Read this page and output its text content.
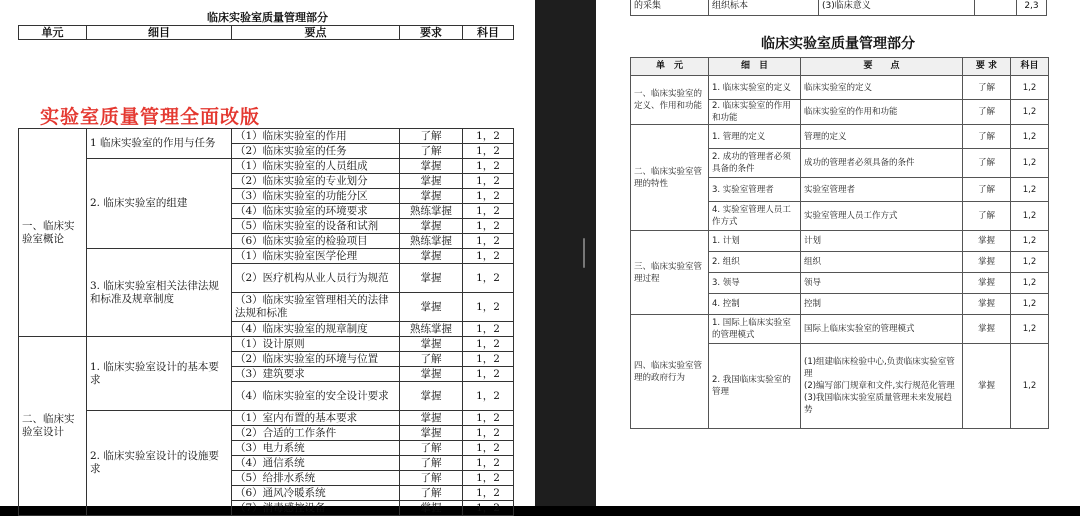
临床实验室质量管理部分
单元	细目	要点	要求	科目
实验室质量管理全面改版
一、临床实验室概论	1 临床实验室的作用与任务	（1）临床实验室的作用	了解	1，2
		（2）临床实验室的任务	了解	1，2
	2. 临床实验室的组建	（1）临床实验室的人员组成	掌握	1，2
		（2）临床实验室的专业划分	掌握	1，2
		（3）临床实验室的功能分区	掌握	1，2
		（4）临床实验室的环境要求	熟练掌握	1，2
		（5）临床实验室的设备和试剂	掌握	1，2
		（6）临床实验室的检验项目	熟练掌握	1，2
	3. 临床实验室相关法律法规和标准及规章制度	（1）临床实验室医学伦理	掌握	1，2
		（2）医疗机构从业人员行为规范	掌握	1，2
		（3）临床实验室管理相关的法律法规和标准	掌握	1，2
		（4）临床实验室的规章制度	熟练掌握	1，2
二、临床实验室设计	1. 临床实验室设计的基本要求	（1）设计原则	掌握	1，2
		（2）临床实验室的环境与位置	了解	1，2
		（3）建筑要求	掌握	1，2
		（4）临床实验室的安全设计要求	掌握	1，2
	2. 临床实验室设计的设施要求	（1）室内布置的基本要求	掌握	1，2
		（2）合适的工作条件	掌握	1，2
		（3）电力系统	了解	1，2
		（4）通信系统	了解	1，2
		（5）给排水系统	了解	1，2
		（6）通风冷暖系统	了解	1，2
		（7）消毒感控设备	掌握	1，2
的采集	组织标本	(3)临床意义		2,3
临床实验室质量管理部分
单　元	细　目	要　　点	要 求	科目
一、临床实验室的定义、作用和功能	1. 临床实验室的定义	临床实验室的定义	了解	1,2
	2. 临床实验室的作用和功能	临床实验室的作用和功能	了解	1,2
二、临床实验室管理的特性	1. 管理的定义	管理的定义	了解	1,2
	2. 成功的管理者必须具备的条件	成功的管理者必须具备的条件	了解	1,2
	3. 实验室管理者	实验室管理者	了解	1,2
	4. 实验室管理人员工作方式	实验室管理人员工作方式	了解	1,2
三、临床实验室管理过程	1. 计划	计划	掌握	1,2
	2. 组织	组织	掌握	1,2
	3. 领导	领导	掌握	1,2
	4. 控制	控制	掌握	1,2
四、临床实验室管理的政府行为	1. 国际上临床实验室的管理模式	国际上临床实验室的管理模式	掌握	1,2
	2. 我国临床实验室的管理	(1)组建临床检验中心,负责临床实验室管理
(2)编写部门规章和文件,实行规范化管理
(3)我国临床实验室质量管理未来发展趋势	掌握	1,2
